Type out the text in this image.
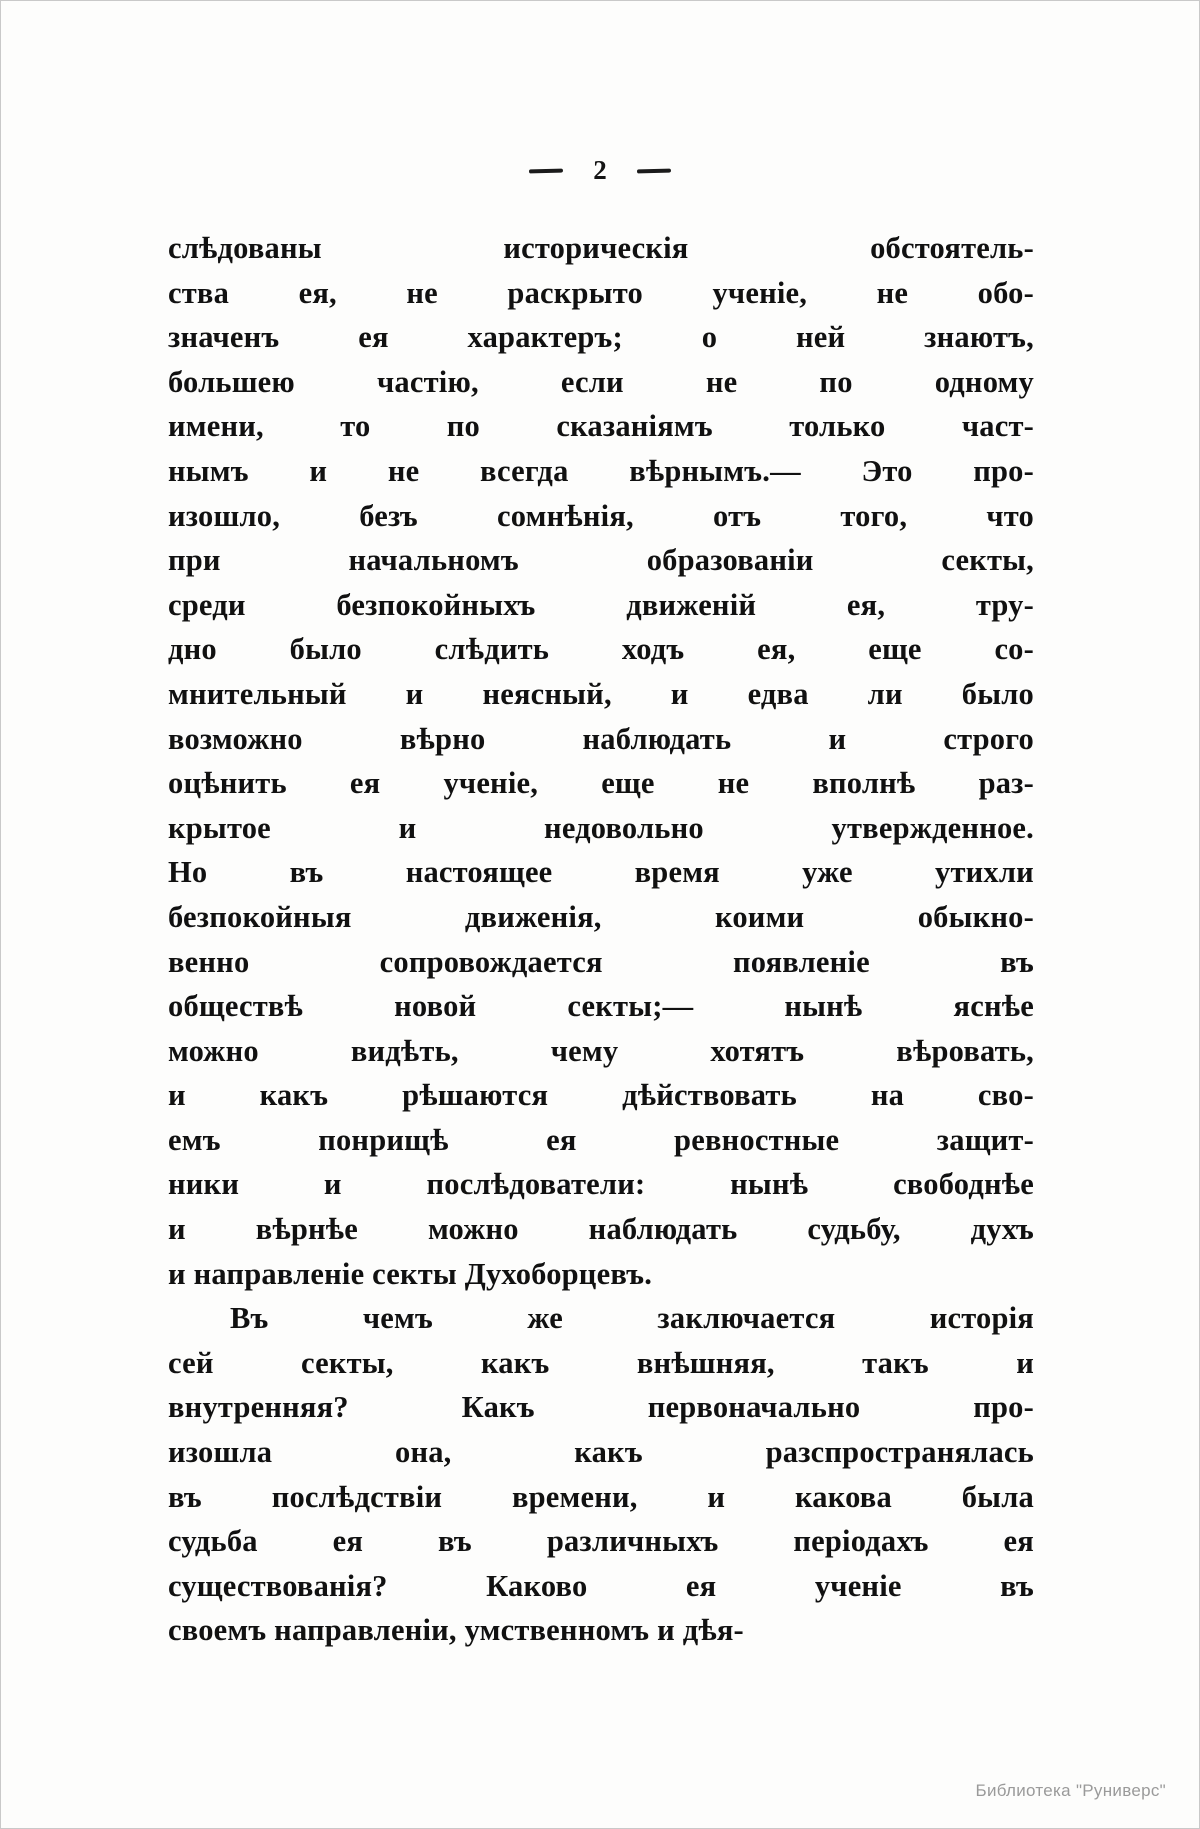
2
слѣдованы	историческія	обстоятель-
ства ея, не раскрыто ученіе, не обо-
значенъ	ея	характеръ;	о	ней	знаютъ,
большею	частію,	если	не	по	одному
имени,	то	по	сказаніямъ	только	част-
нымъ и не всегда вѣрнымъ.— Это про-
изошло,	безъ	сомнѣнія,	отъ	того,	что
при	начальномъ	образованіи	секты,
среди	безпокойныхъ	движеній	ея,	тру-
дно было слѣдить ходъ ея, еще со-
мнительный и неясный, и едва ли было
возможно	вѣрно	наблюдать	и	строго
оцѣнить ея ученіе, еще не вполнѣ раз-
крытое	и	недовольно	утвержденное.
Но	въ	настоящее	время	уже	утихли
безпокойныя	движенія,	коими	обыкно-
венно	сопровождается	появленіе	въ
обществѣ	новой	секты;—	нынѣ	яснѣе
можно	видѣть,	чему	хотятъ	вѣровать,
и какъ рѣшаются дѣйствовать на сво-
емъ	понрищѣ	ея	ревностные	защит-
ники	и	послѣдователи:	нынѣ	свободнѣе
и вѣрнѣе можно наблюдать судьбу, духъ
и направленіе секты Духоборцевъ.
Въ	чемъ	же	заключается	исторія
сей	секты,	какъ	внѣшняя,	такъ	и
внутренняя?	Какъ	первоначально	про-
изошла	она,	какъ	разспространялась
въ послѣдствіи времени, и какова была
судьба ея въ различныхъ періодахъ ея
существованія?	Каково	ея	ученіе	въ
своемъ направленіи, умственномъ и дѣя-
Библиотека "Руниверс"
